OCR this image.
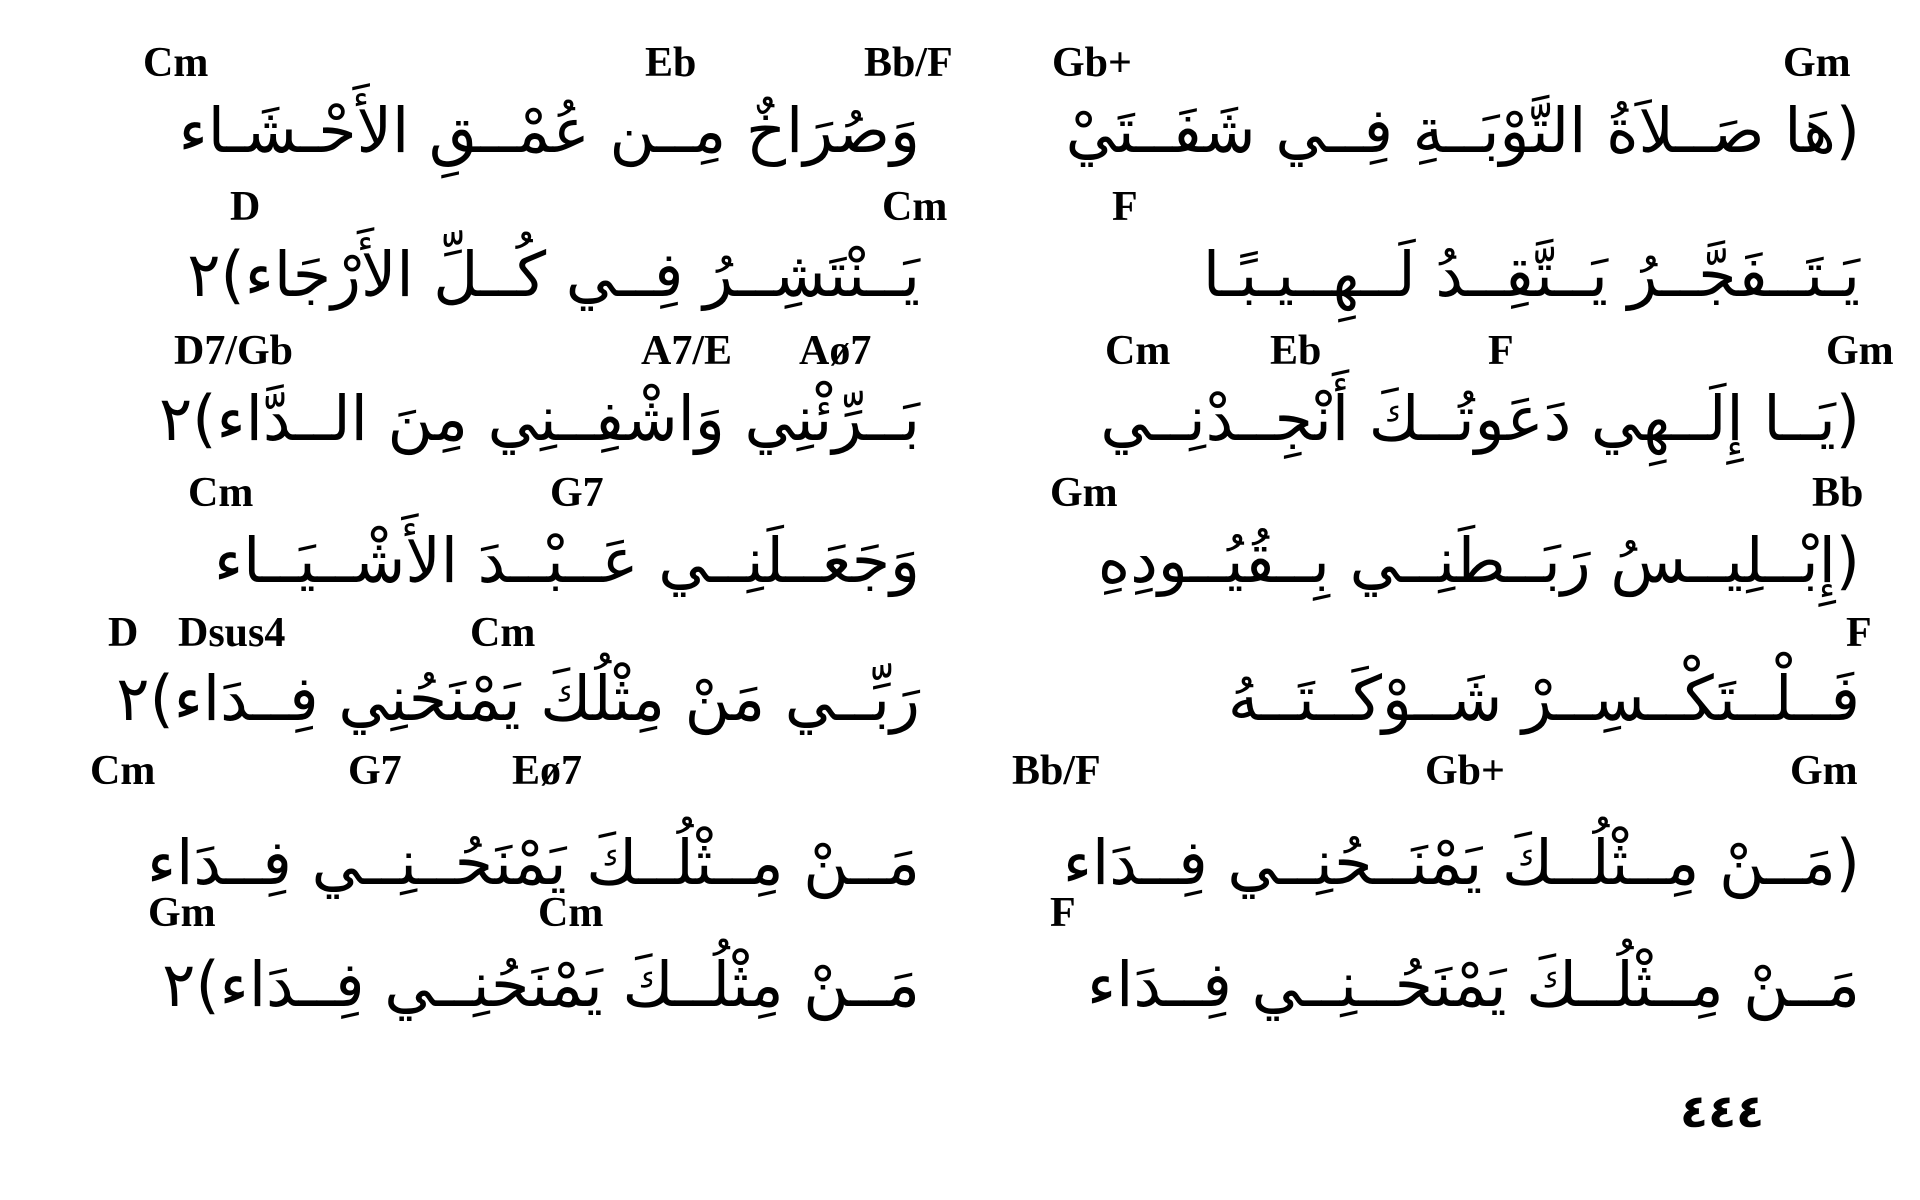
Cm	Eb	Bb/F Gb+	Gm
وَصُرَاخٌ مِــن عُمْــقِ الأَحْـشَـاء	(هَا صَــلاَةُ التَّوْبَــةِ فِــي شَفَــتَيْ
D	Cm	F
يَــنْتَشِــرُ فِــي كُــلِّ الأَرْجَاء)٢	يَـتَــفَجَّــرُ يَــتَّقِــدُ لَــهِــيـبًـا
D7/Gb	A7/E Aø7	Cm Eb	F	Gm
بَــرِّئْنِي وَاشْفِــنِي مِنَ الــدَّاء)٢	(يَــا إِلَــهِي دَعَوتُــكَ أَنْجِــدْنِــي
Cm	G7	Gm	Bb
وَجَعَــلَنِــي عَــبْــدَ الأَشْــيَــاء	(إِبْــلِيــسُ رَبَــطَنِــي بِــقُيُــودِهِ
D Dsus4	Cm	F
رَبِّــي مَنْ مِثْلُكَ يَمْنَحُنِي فِــدَاء)٢	فَــلْــتَكْــسِــرْ شَــوْكَــتَــهُ
Cm	G7	Eø7	Bb/F	Gb+	Gm
مَــنْ مِــثْلُــكَ يَمْنَحُــنِــي فِــدَاء	(مَــنْ مِــثْلُــكَ يَمْنَــحُنِــي فِــدَاء
Gm	Cm	F
مَــنْ مِثْلُــكَ يَمْنَحُنِــي فِــدَاء)٢	مَــنْ مِــثْلُــكَ يَمْنَحُــنِــي فِــدَاء
٤٤٤
